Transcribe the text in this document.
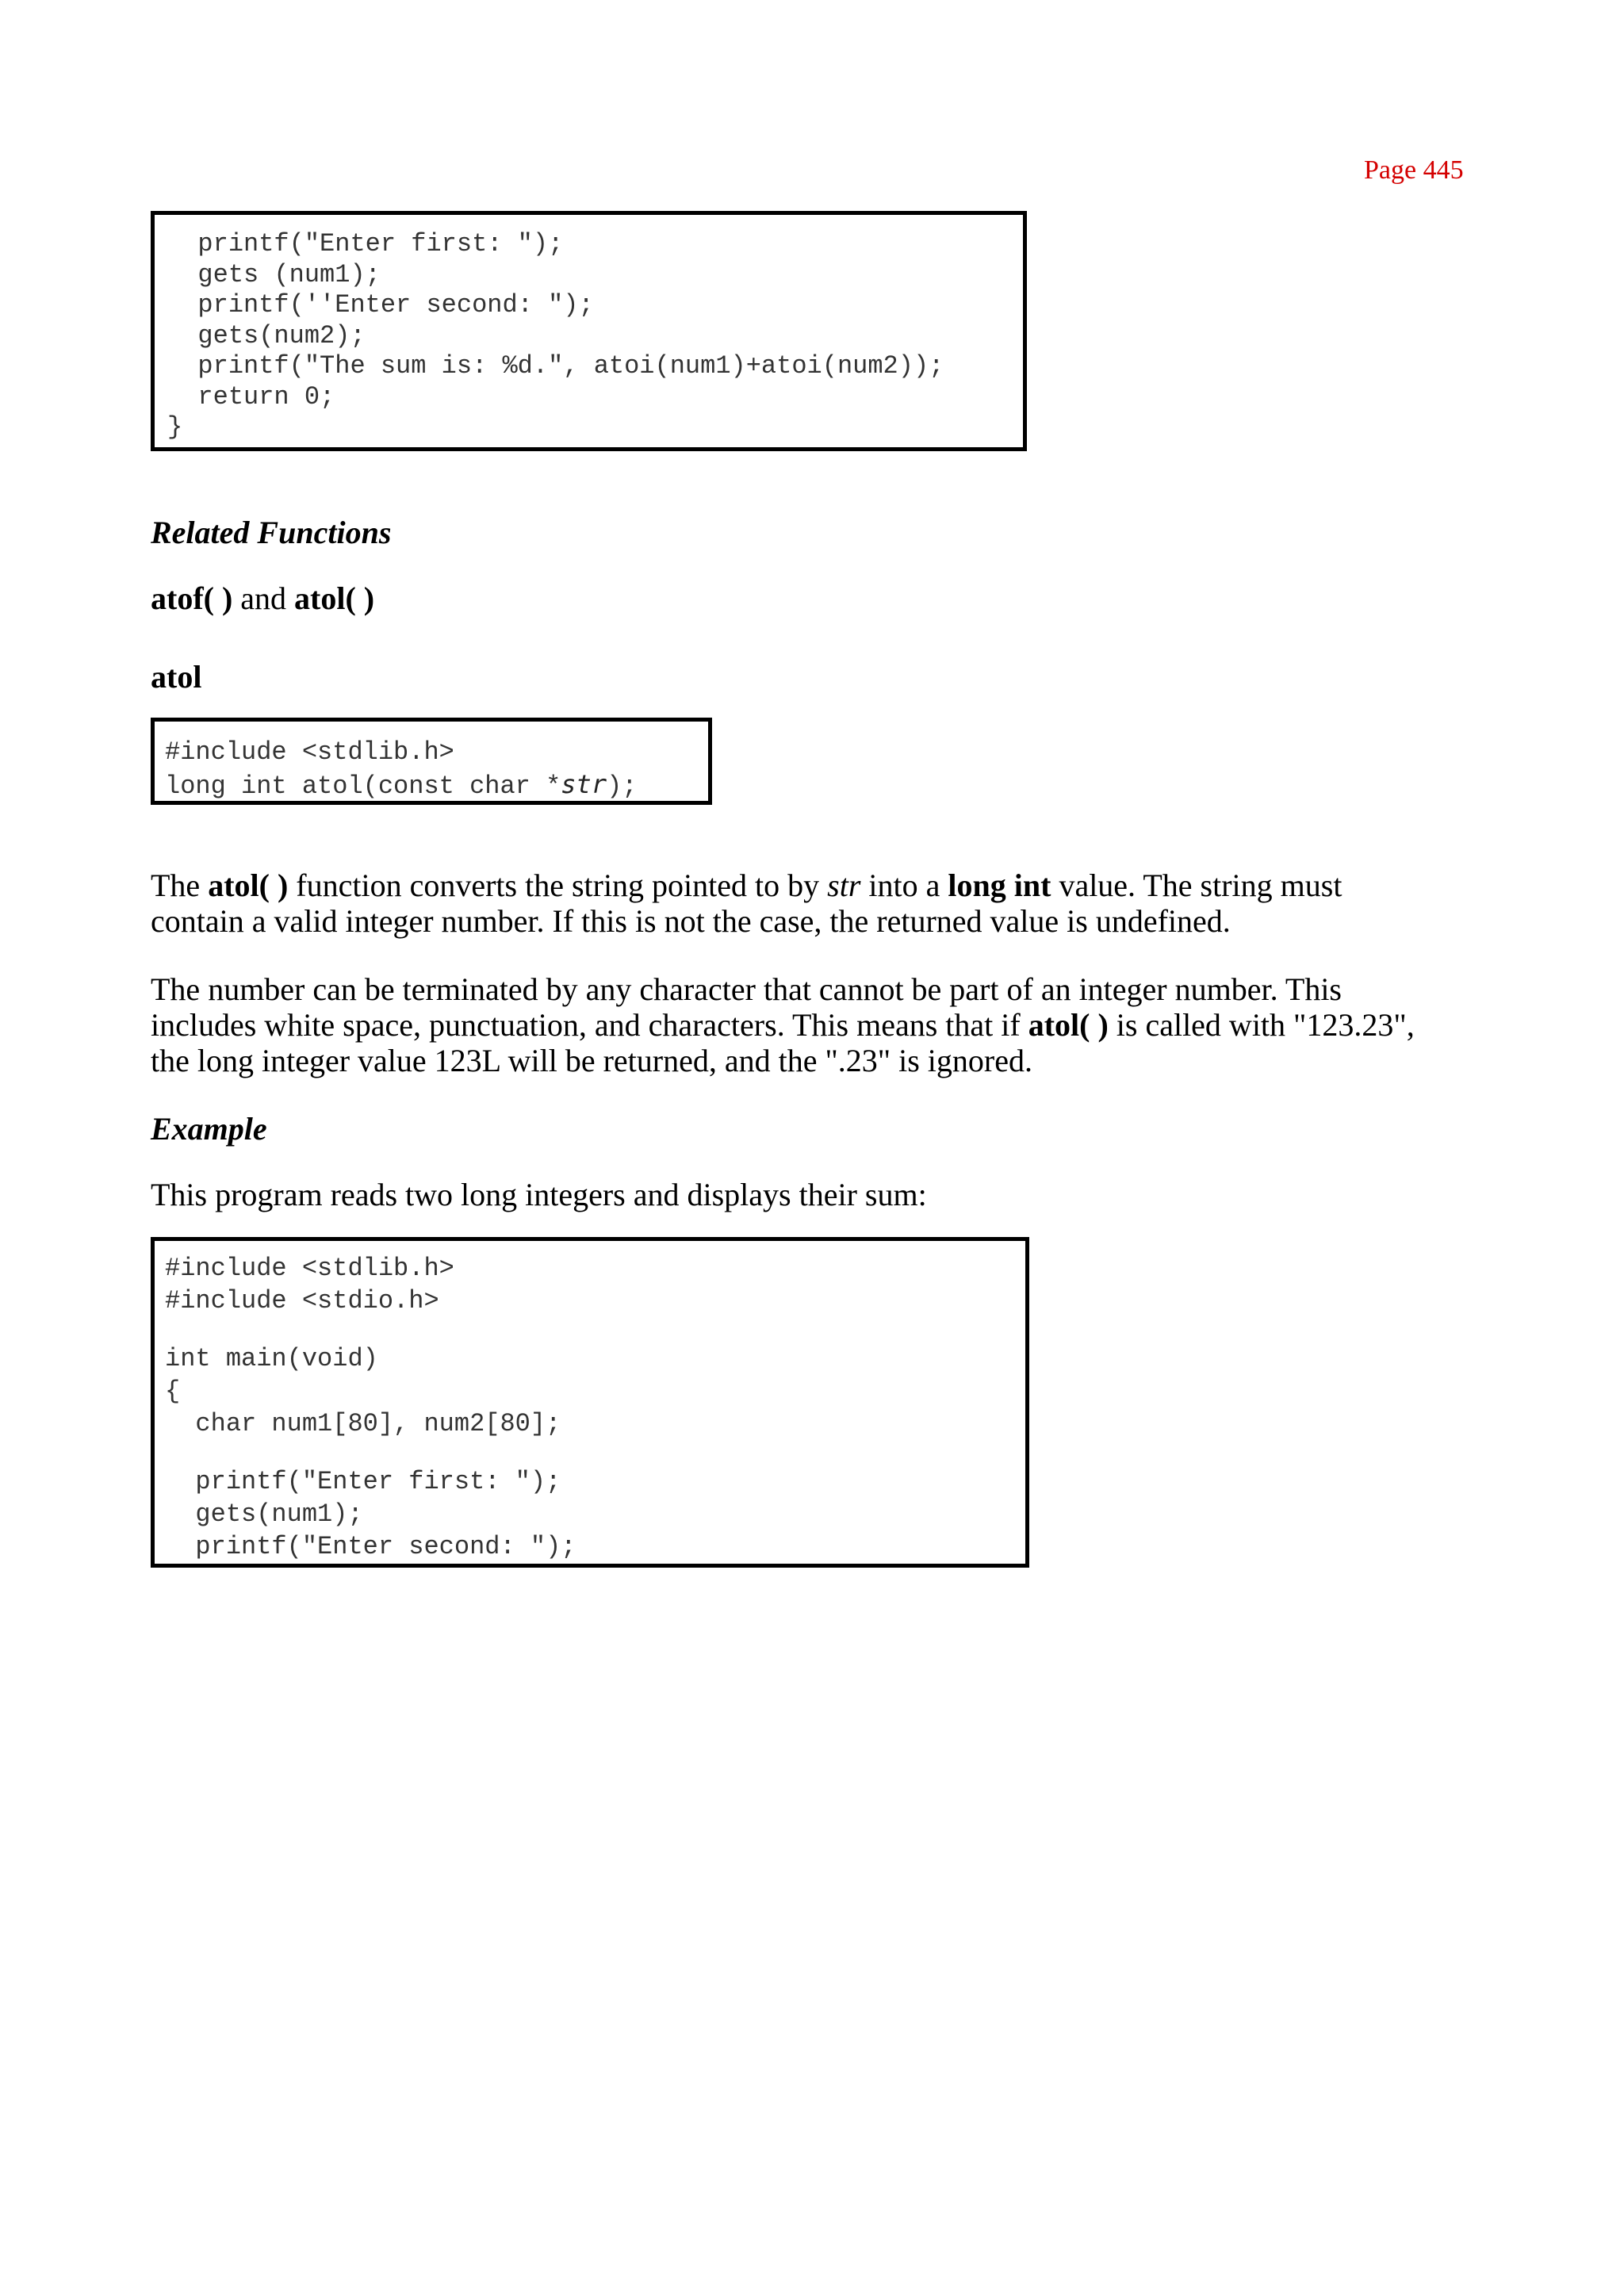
Page 445
printf("Enter first: ");
gets (num1);
printf(''Enter second: ");
gets(num2);
printf("The sum is: %d.", atoi(num1)+atoi(num2));
return 0;
}
Related Functions
atof( ) and atol( )
atol
#include <stdlib.h>
long int atol(const char *str);
The atol( ) function converts the string pointed to by str into a long int value. The string must
contain a valid integer number. If this is not the case, the returned value is undefined.
The number can be terminated by any character that cannot be part of an integer number. This
includes white space, punctuation, and characters. This means that if atol( ) is called with "123.23",
the long integer value 123L will be returned, and the ".23" is ignored.
Example
This program reads two long integers and displays their sum:
#include <stdlib.h>
#include <stdio.h>
int main(void)
{
char num1[80], num2[80];
printf("Enter first: ");
gets(num1);
printf("Enter second: ");
